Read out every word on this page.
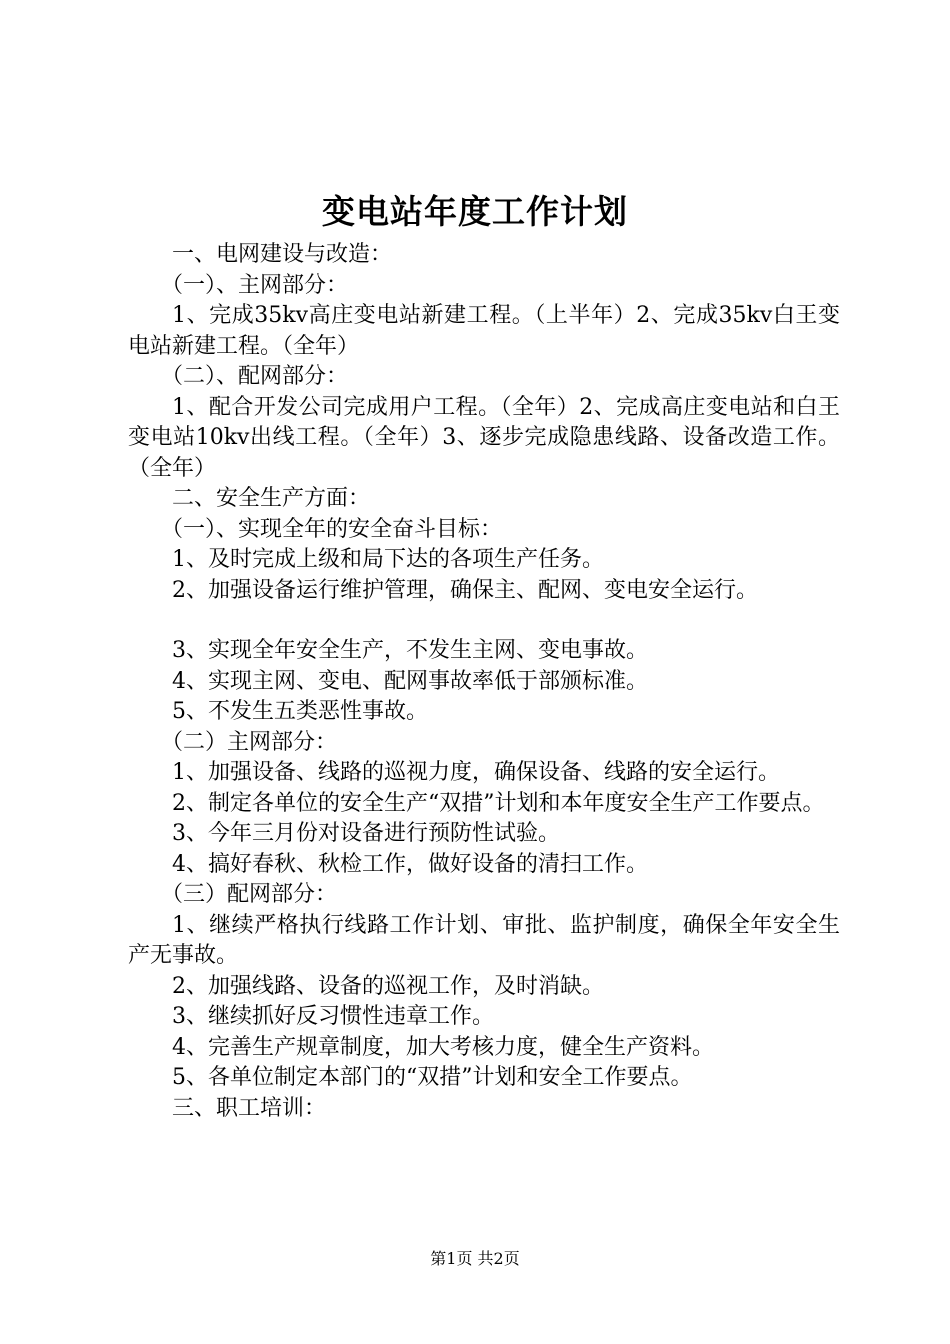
变电站年度工作计划

一、电网建设与改造：

（一）、主网部分：

1、完成35kv高庄变电站新建工程。（上半年）2、完成35kv白王变电站新建工程。（全年）

（二）、配网部分：

1、配合开发公司完成用户工程。（全年）2、完成高庄变电站和白王变电站10kv出线工程。（全年）3、逐步完成隐患线路、设备改造工作。（全年）

二、安全生产方面：

（一）、实现全年的安全奋斗目标：

1、及时完成上级和局下达的各项生产任务。

2、加强设备运行维护管理，确保主、配网、变电安全运行。

3、实现全年安全生产，不发生主网、变电事故。

4、实现主网、变电、配网事故率低于部颁标准。

5、不发生五类恶性事故。

（二）主网部分：

1、加强设备、线路的巡视力度，确保设备、线路的安全运行。

2、制定各单位的安全生产“双措”计划和本年度安全生产工作要点。

3、今年三月份对设备进行预防性试验。

4、搞好春秋、秋检工作，做好设备的清扫工作。

（三）配网部分：

1、继续严格执行线路工作计划、审批、监护制度，确保全年安全生产无事故。

2、加强线路、设备的巡视工作，及时消缺。

3、继续抓好反习惯性违章工作。

4、完善生产规章制度，加大考核力度，健全生产资料。

5、各单位制定本部门的“双措”计划和安全工作要点。

三、职工培训：

第1页 共2页
